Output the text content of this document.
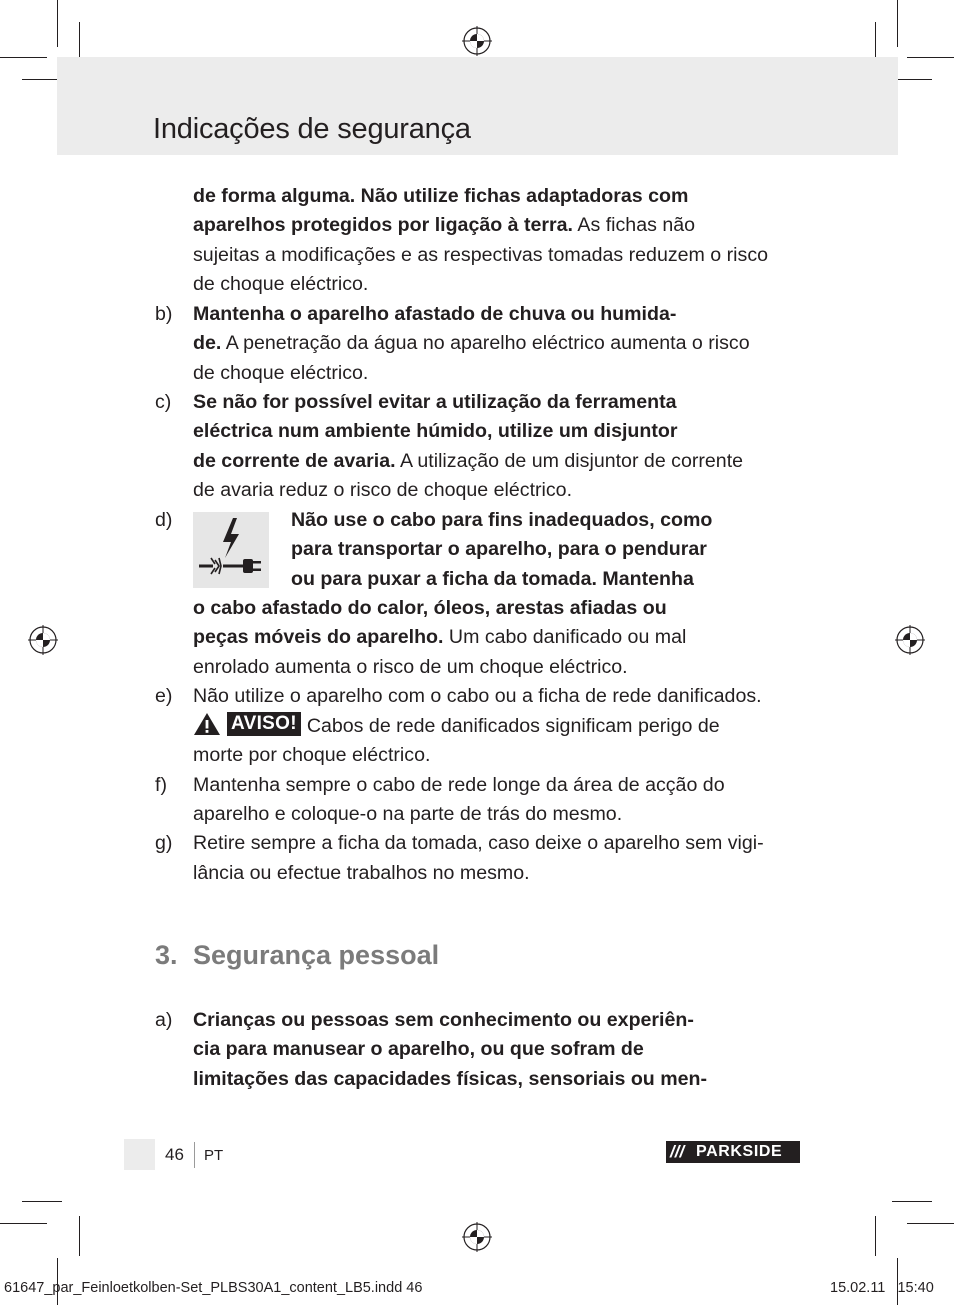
Indicações de segurança
de forma alguma. Não utilize fichas adaptadoras com
aparelhos protegidos por ligação à terra. As fichas não
sujeitas a modificações e as respectivas tomadas reduzem o risco
de choque eléctrico.
b) Mantenha o aparelho afastado de chuva ou humida-
de. A penetração da água no aparelho eléctrico aumenta o risco
de choque eléctrico.
c) Se não for possível evitar a utilização da ferramenta
eléctrica num ambiente húmido, utilize um disjuntor
de corrente de avaria. A utilização de um disjuntor de corrente
de avaria reduz o risco de choque eléctrico.
d)	Não use o cabo para fins inadequados, como
para transportar o aparelho, para o pendurar
ou para puxar a ficha da tomada. Mantenha
o cabo afastado do calor, óleos, arestas afiadas ou
peças móveis do aparelho. Um cabo danificado ou mal
enrolado aumenta o risco de um choque eléctrico.
e) Não utilize o aparelho com o cabo ou a ficha de rede danificados.
AVISO! Cabos de rede danificados significam perigo de
morte por choque eléctrico.
f) Mantenha sempre o cabo de rede longe da área de acção do
aparelho e coloque-o na parte de trás do mesmo.
g) Retire sempre a ficha da tomada, caso deixe o aparelho sem vigi-
lância ou efectue trabalhos no mesmo.
3. Segurança pessoal
a) Crianças ou pessoas sem conhecimento ou experiên-
cia para manusear o aparelho, ou que sofram de
limitações das capacidades físicas, sensoriais ou men-
46 PT	/// PARKSIDE
61647_par_Feinloetkolben-Set_PLBS30A1_content_LB5.indd 46	15.02.11 15:40
